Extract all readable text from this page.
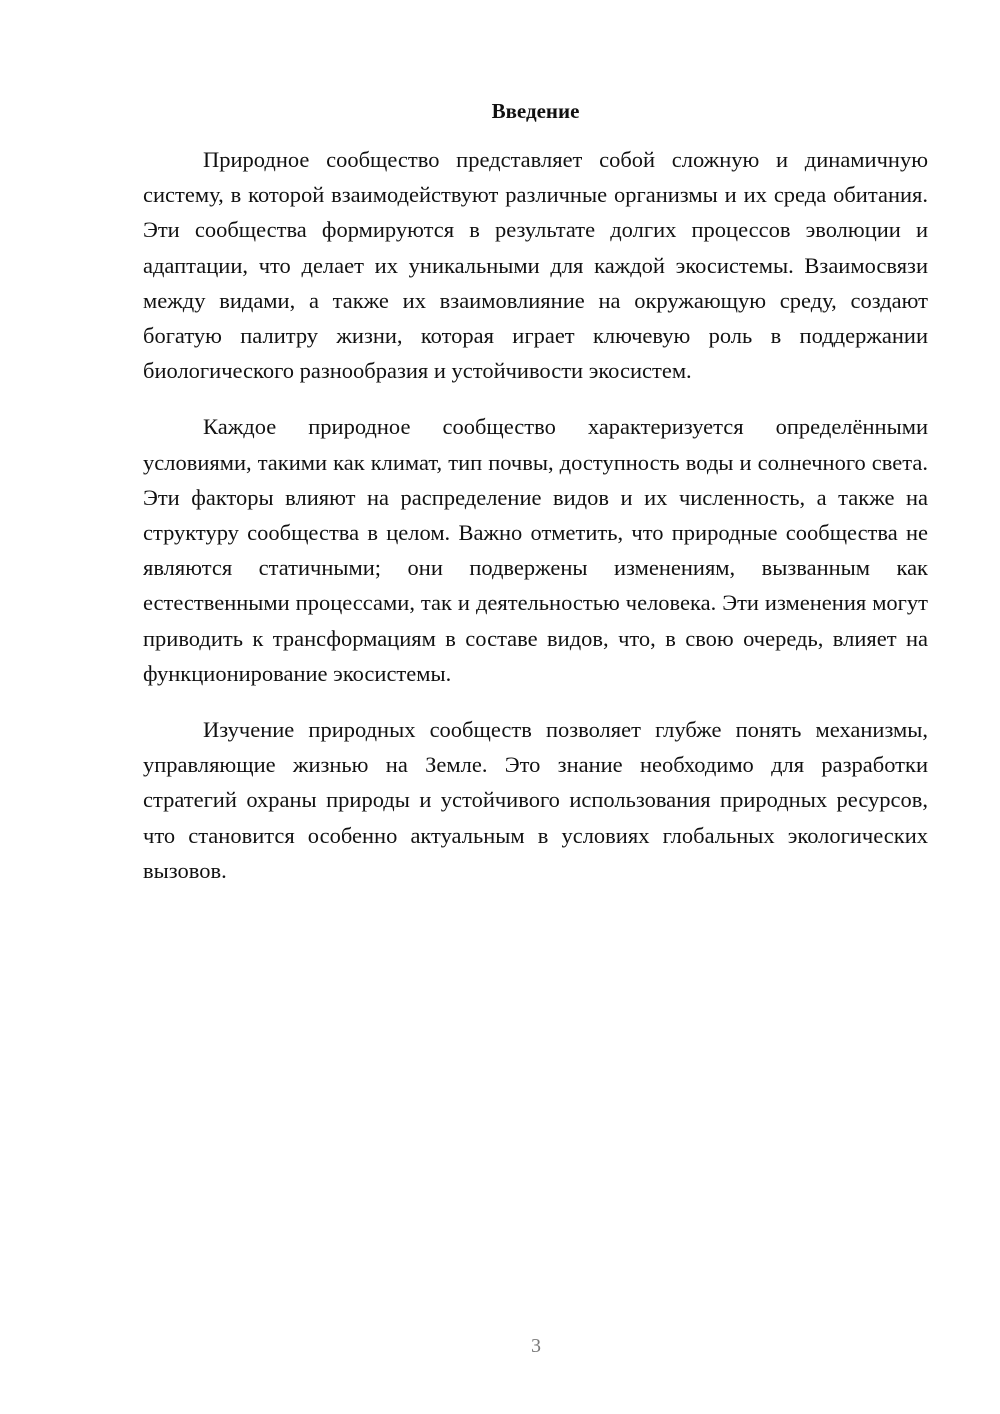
Введение

Природное сообщество представляет собой сложную и динамичную систему, в которой взаимодействуют различные организмы и их среда обитания. Эти сообщества формируются в результате долгих процессов эволюции и адаптации, что делает их уникальными для каждой экосистемы. Взаимосвязи между видами, а также их взаимовлияние на окружающую среду, создают богатую палитру жизни, которая играет ключевую роль в поддержании биологического разнообразия и устойчивости экосистем.

Каждое природное сообщество характеризуется определёнными условиями, такими как климат, тип почвы, доступность воды и солнечного света. Эти факторы влияют на распределение видов и их численность, а также на структуру сообщества в целом. Важно отметить, что природные сообщества не являются статичными; они подвержены изменениям, вызванным как естественными процессами, так и деятельностью человека. Эти изменения могут приводить к трансформациям в составе видов, что, в свою очередь, влияет на функционирование экосистемы.

Изучение природных сообществ позволяет глубже понять механизмы, управляющие жизнью на Земле. Это знание необходимо для разработки стратегий охраны природы и устойчивого использования природных ресурсов, что становится особенно актуальным в условиях глобальных экологических вызовов.

3
